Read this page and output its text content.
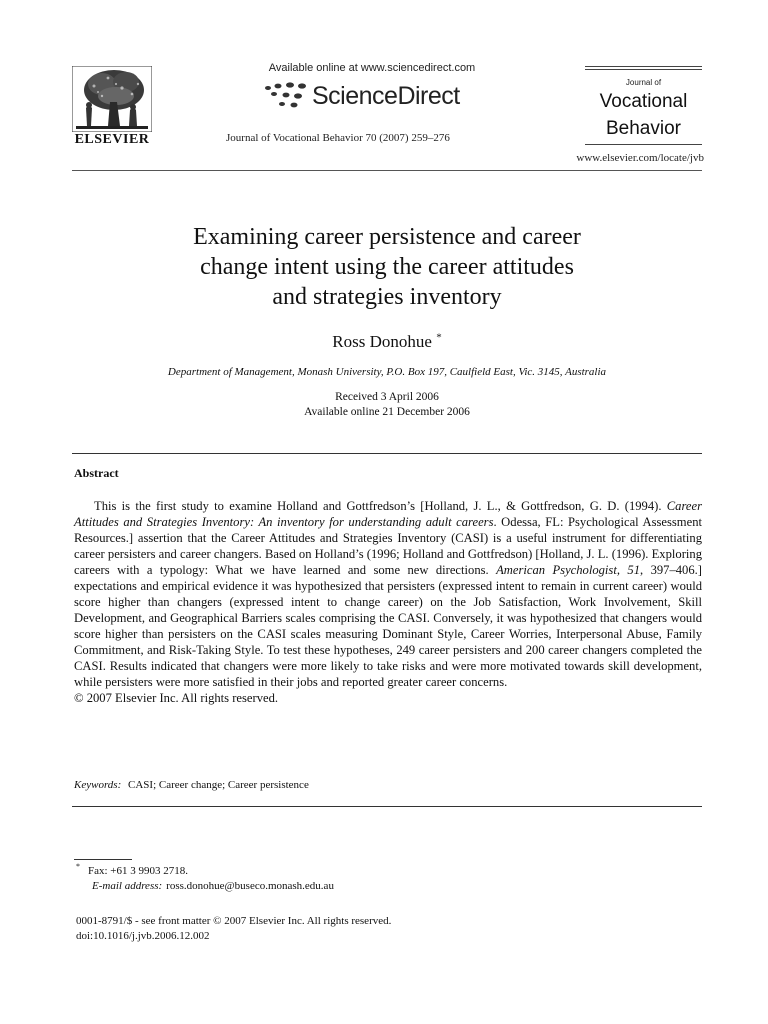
ELSEVIER
Available online at www.sciencedirect.com
ScienceDirect
Journal of Vocational Behavior 70 (2007) 259–276
Journal of
Vocational
Behavior
www.elsevier.com/locate/jvb
Examining career persistence and career
change intent using the career attitudes
and strategies inventory
Ross Donohue *
Department of Management, Monash University, P.O. Box 197, Caulfield East, Vic. 3145, Australia
Received 3 April 2006
Available online 21 December 2006
Abstract

This is the first study to examine Holland and Gottfredson’s [Holland, J. L., & Gottfredson, G. D. (1994). Career Attitudes and Strategies Inventory: An inventory for understanding adult careers. Odessa, FL: Psychological Assessment Resources.] assertion that the Career Attitudes and Strategies Inventory (CASI) is a useful instrument for differentiating career persisters and career changers. Based on Holland’s (1996; Holland and Gottfredson) [Holland, J. L. (1996). Exploring careers with a typology: What we have learned and some new directions. American Psychologist, 51, 397–406.] expectations and empirical evidence it was hypothesized that persisters (expressed intent to remain in current career) would score higher than changers (expressed intent to change career) on the Job Satisfaction, Work Involvement, Skill Development, and Geographical Barriers scales comprising the CASI. Conversely, it was hypothesized that changers would score higher than persisters on the CASI scales measuring Dominant Style, Career Worries, Interpersonal Abuse, Family Commitment, and Risk-Taking Style. To test these hypotheses, 249 career persisters and 200 career changers completed the CASI. Results indicated that changers were more likely to take risks and were more motivated towards skill development, while persisters were more satisfied in their jobs and reported greater career concerns.

© 2007 Elsevier Inc. All rights reserved.

Keywords: CASI; Career change; Career persistence
* Fax: +61 3 9903 2718.
E-mail address: ross.donohue@buseco.monash.edu.au
0001-8791/$ - see front matter © 2007 Elsevier Inc. All rights reserved.
doi:10.1016/j.jvb.2006.12.002
